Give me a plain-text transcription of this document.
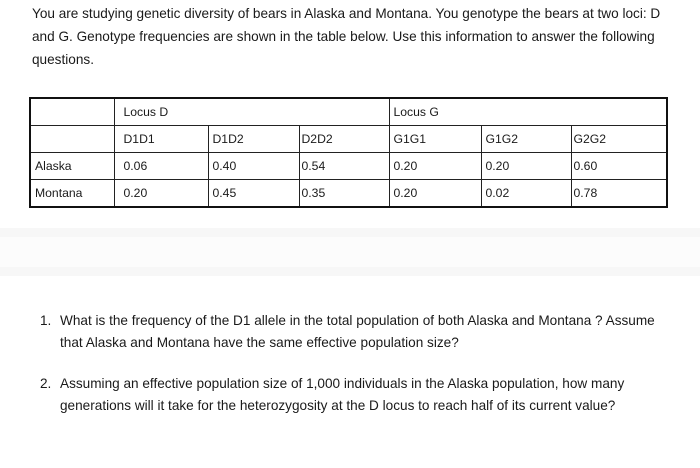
You are studying genetic diversity of bears in Alaska and Montana. You genotype the bears at two loci: D and G. Genotype frequencies are shown in the table below. Use this information to answer the following questions.

	Locus D			Locus G		
	D1D1	D1D2	D2D2	G1G1	G1G2	G2G2
Alaska	0.06	0.40	0.54	0.20	0.20	0.60
Montana	0.20	0.45	0.35	0.20	0.02	0.78
1. What is the frequency of the D1 allele in the total population of both Alaska and Montana ? Assume that Alaska and Montana have the same effective population size?
2. Assuming an effective population size of 1,000 individuals in the Alaska population, how many generations will it take for the heterozygosity at the D locus to reach half of its current value?
